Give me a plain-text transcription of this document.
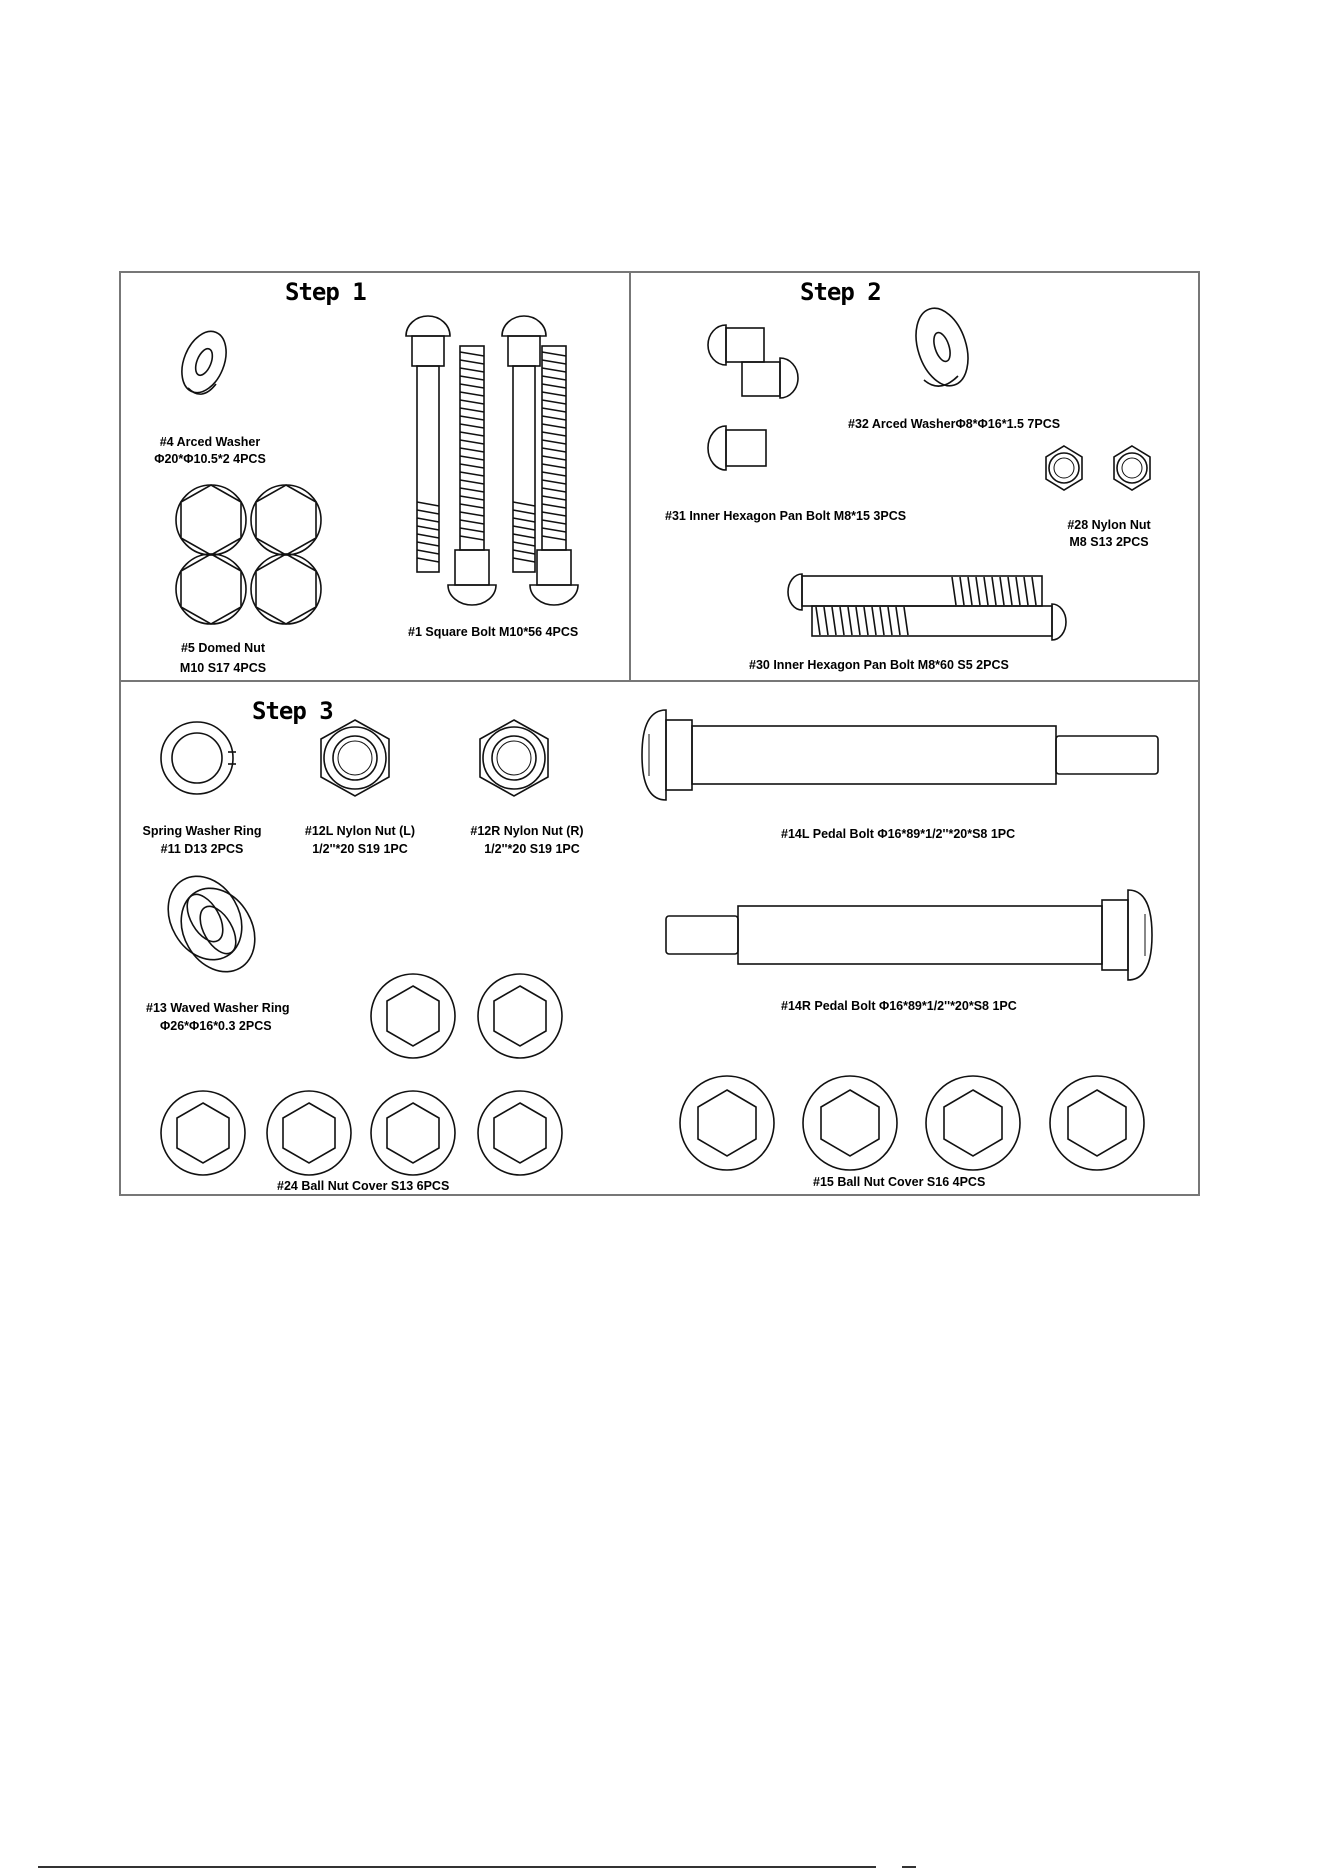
Step 1	Step 2
Step 3
#4 Arced Washer
Φ20*Φ10.5*2 4PCS
#5 Domed Nut
M10 S17 4PCS
#1 Square Bolt M10*56 4PCS
#32 Arced WasherΦ8*Φ16*1.5 7PCS
#31 Inner Hexagon Pan Bolt M8*15 3PCS
#28 Nylon Nut
M8 S13 2PCS
#30 Inner Hexagon Pan Bolt M8*60 S5 2PCS
Spring Washer Ring
#11 D13 2PCS
#12L Nylon Nut (L)
1/2''*20 S19 1PC
#12R Nylon Nut (R)
1/2''*20 S19 1PC
#14L Pedal Bolt Φ16*89*1/2''*20*S8 1PC
#13 Waved Washer Ring
Φ26*Φ16*0.3 2PCS
#14R Pedal Bolt Φ16*89*1/2''*20*S8 1PC
#24 Ball Nut Cover S13 6PCS	#15 Ball Nut Cover S16 4PCS
